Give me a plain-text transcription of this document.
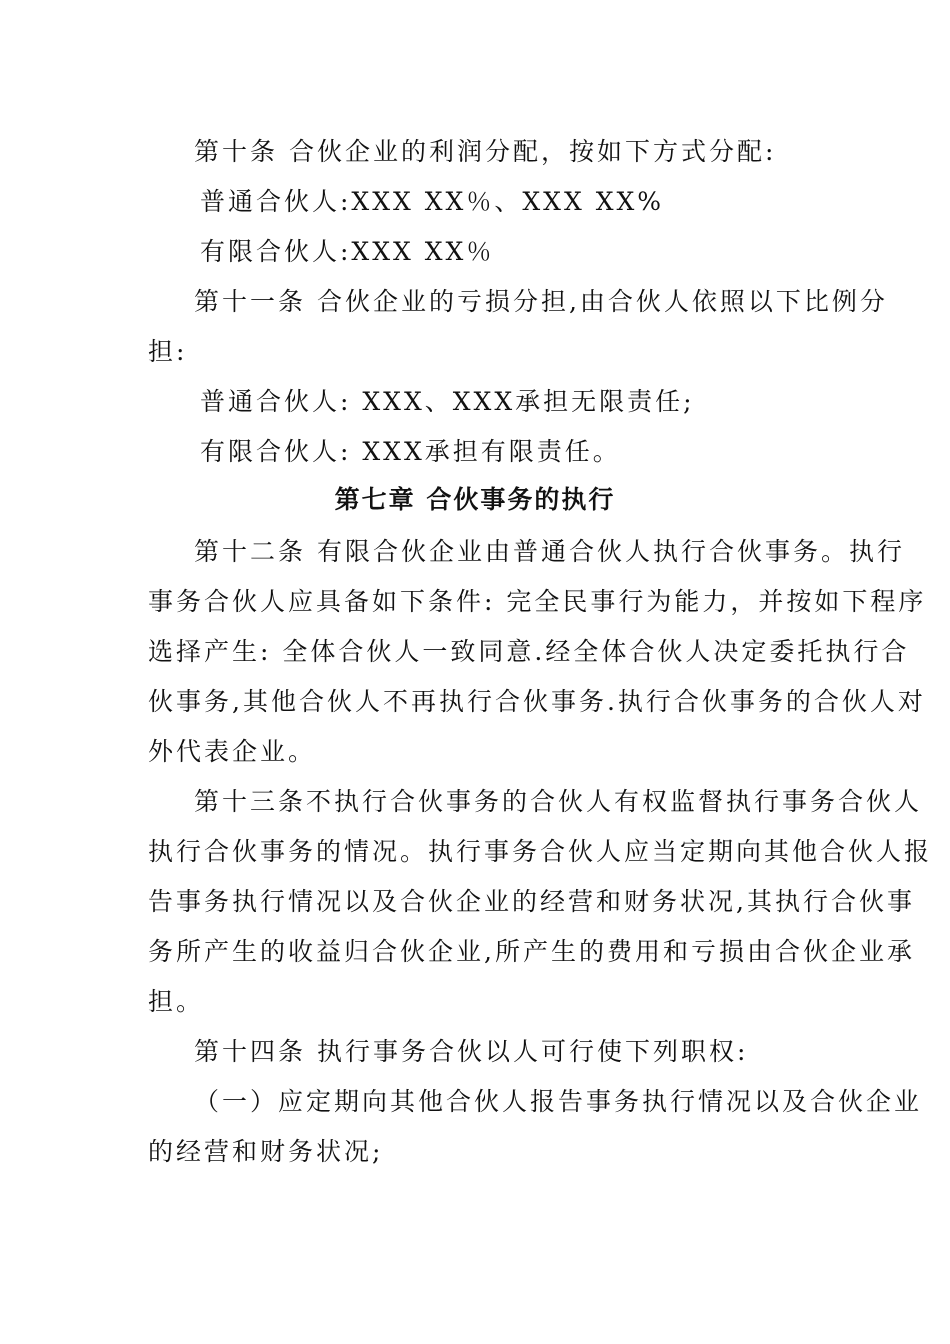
第十条 合伙企业的利润分配，按如下方式分配:
普通合伙人:XXX XX％、XXX XX%
有限合伙人:XXX XX％
第十一条 合伙企业的亏损分担,由合伙人依照以下比例分
担:
普通合伙人: XXX、XXX承担无限责任;
有限合伙人: XXX承担有限责任。
第七章 合伙事务的执行
第十二条 有限合伙企业由普通合伙人执行合伙事务。执行
事务合伙人应具备如下条件: 完全民事行为能力，并按如下程序
选择产生: 全体合伙人一致同意.经全体合伙人决定委托执行合
伙事务,其他合伙人不再执行合伙事务.执行合伙事务的合伙人对
外代表企业。
第十三条不执行合伙事务的合伙人有权监督执行事务合伙人
执行合伙事务的情况。执行事务合伙人应当定期向其他合伙人报
告事务执行情况以及合伙企业的经营和财务状况,其执行合伙事
务所产生的收益归合伙企业,所产生的费用和亏损由合伙企业承
担。
第十四条 执行事务合伙以人可行使下列职权:
（一）应定期向其他合伙人报告事务执行情况以及合伙企业
的经营和财务状况;
